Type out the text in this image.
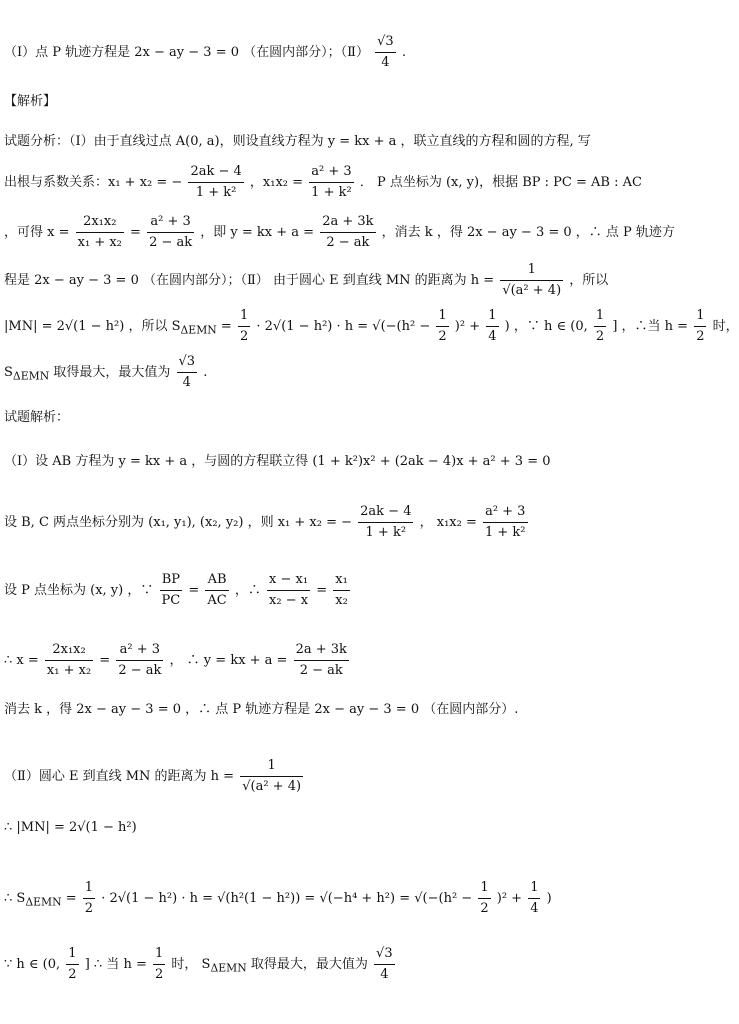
（Ⅰ）点 P 轨迹方程是 2x − ay − 3 = 0 （在圆内部分）；（Ⅱ） $\frac{√3}{4}$ .
【解析】
试题分析：（Ⅰ）由于直线过点 A(0, a)，则设直线方程为 y = kx + a ，联立直线的方程和圆的方程, 写
出根与系数关系：x₁ + x₂ = − $\frac{2ak - 4}{\text{1 + k²}}$ ，$x_1x_2 = \frac{\text{a² + 3}}{\text{1 + k²}}$ ． P 点坐标为 (x, y)，根据 BP : PC = AB : AC
，可得 $x = \frac{\text{2x₁x₂}}{\text{x₁ + x₂}} = \frac{\text{a² + 3}}{2 - ak}$ ，即 y = kx + $a = \frac{2a + 3k}{2 - ak}$ ，消去 k ，得 2x − ay − 3 = 0 ，∴ 点 P 轨迹方
程是 2x − ay − 3 = 0 （在圆内部分）；（Ⅱ） 由于圆心 E 到直线 MN 的距离为 $h = \frac{1}{\text{√(a² + 4)}}$ ，所以
|MN| = 2√(1 − h²) ，所以 $S_{\Delta EMN} = \frac{1}{2} \cdot 2√(1 - h^2) \cdot h = √(-(h^2 - \frac{1}{2} )^2 + \frac{1}{4}$ ) ，∵ h ∈ (0, $\frac{1}{2}$ ] ，∴当 $h = \frac{1}{2}$ 时，
$S_{\Delta EMN}$ 取得最大，最大值为 $\frac{√3}{4}$ .
试题解析：
（Ⅰ）设 AB 方程为 y = kx + a ，与圆的方程联立得 (1 + k²)x² + (2ak − 4)x + a² + 3 = 0
设 B, C 两点坐标分别为 (x₁, y₁), (x₂, y₂) ，则 x₁ + x₂ = − $\frac{2ak - 4}{\text{1 + k²}}$ ， $x_1x_2 = \frac{\text{a² + 3}}{\text{1 + k²}}$
设 P 点坐标为 (x, y) ，∵ $\frac{BP}{PC} = \frac{AB}{AC}$ ，∴ $\frac{\text{x − x₁}}{\text{x₂ − x}} = \frac{\text{x₁}}{\text{x₂}}$
∴ $x = \frac{\text{2x₁x₂}}{\text{x₁ + x₂}} = \frac{\text{a² + 3}}{2 - ak}$ ， ∴ y = kx + $a = \frac{2a + 3k}{2 - ak}$
消去 k ，得 2x − ay − 3 = 0 ，∴ 点 P 轨迹方程是 2x − ay − 3 = 0 （在圆内部分）.
（Ⅱ）圆心 E 到直线 MN 的距离为 $h = \frac{1}{\text{√(a² + 4)}}$
∴ |MN| = 2√(1 − h²)
∴ $S_{\Delta EMN} = \frac{1}{2} \cdot 2√(1 - h^2) \cdot h = √(h^2(1 - h^2)) = √(-h^4 + h^2) = √(-(h^2 - \frac{1}{2} )^2 + \frac{1}{4}$ )
∵ h ∈ (0, $\frac{1}{2}$ ] ∴ 当 $h = \frac{1}{2}$ 时， $S_{\Delta EMN}$ 取得最大，最大值为 $\frac{√3}{4}$
